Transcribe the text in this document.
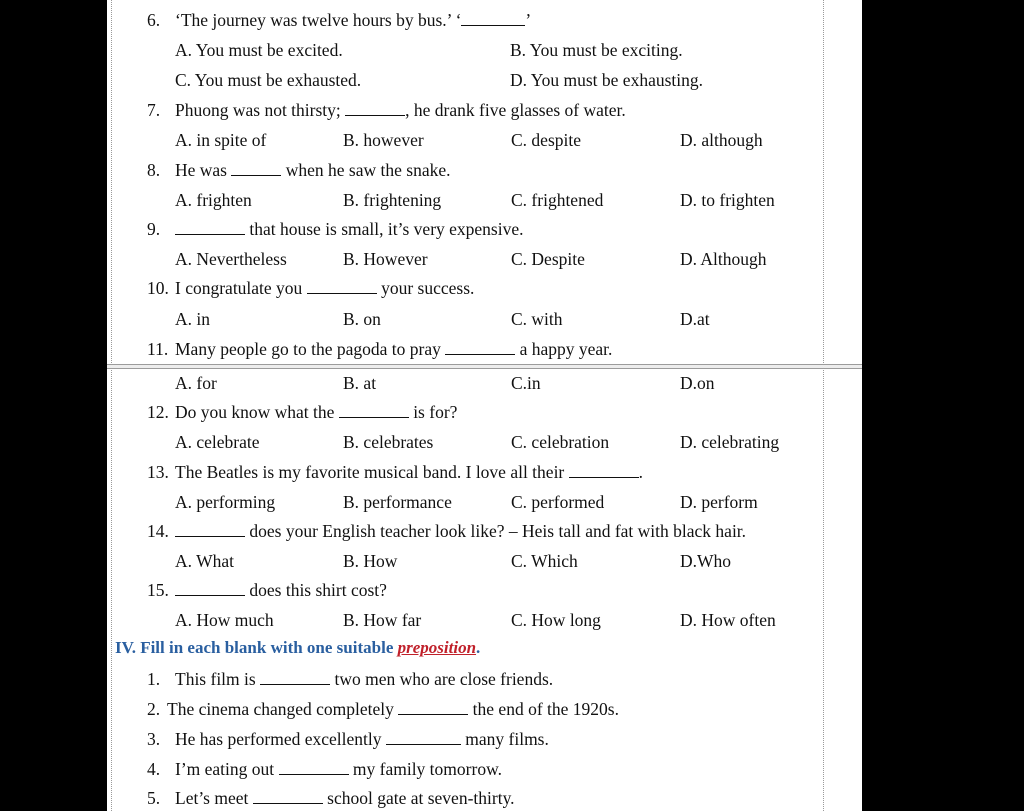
6. ‘The journey was twelve hours by bus.’ ‘	’
A. You must be excited.	B. You must be exciting.
C. You must be exhausted.	D. You must be exhausting.
7. Phuong was not thirsty;	, he drank five glasses of water.
A. in spite of	B. however	C. despite	D. although
8. He was	when he saw the snake.
A. frighten	B. frightening	C. frightened	D. to frighten
9.	that house is small, it’s very expensive.
A. Nevertheless	B. However	C. Despite	D. Although
10. I congratulate you	your success.
A. in	B. on	C. with	D.at
11. Many people go to the pagoda to pray	a happy year.
A. for	B. at	C.in	D.on
12. Do you know what the	is for?
A. celebrate	B. celebrates	C. celebration	D. celebrating
13. The Beatles is my favorite musical band. I love all their	.
A. performing	B. performance	C. performed	D. perform
14.	does your English teacher look like? – Heis tall and fat with black hair.
A. What	B. How	C. Which	D.Who
15.	does this shirt cost?
A. How much	B. How far	C. How long	D. How often
IV. Fill in each blank with one suitable preposition.
1. This film is	two men who are close friends.
2. The cinema changed completely	the end of the 1920s.
3. He has performed excellently	many films.
4. I’m eating out	my family tomorrow.
5. Let’s meet	school gate at seven-thirty.
